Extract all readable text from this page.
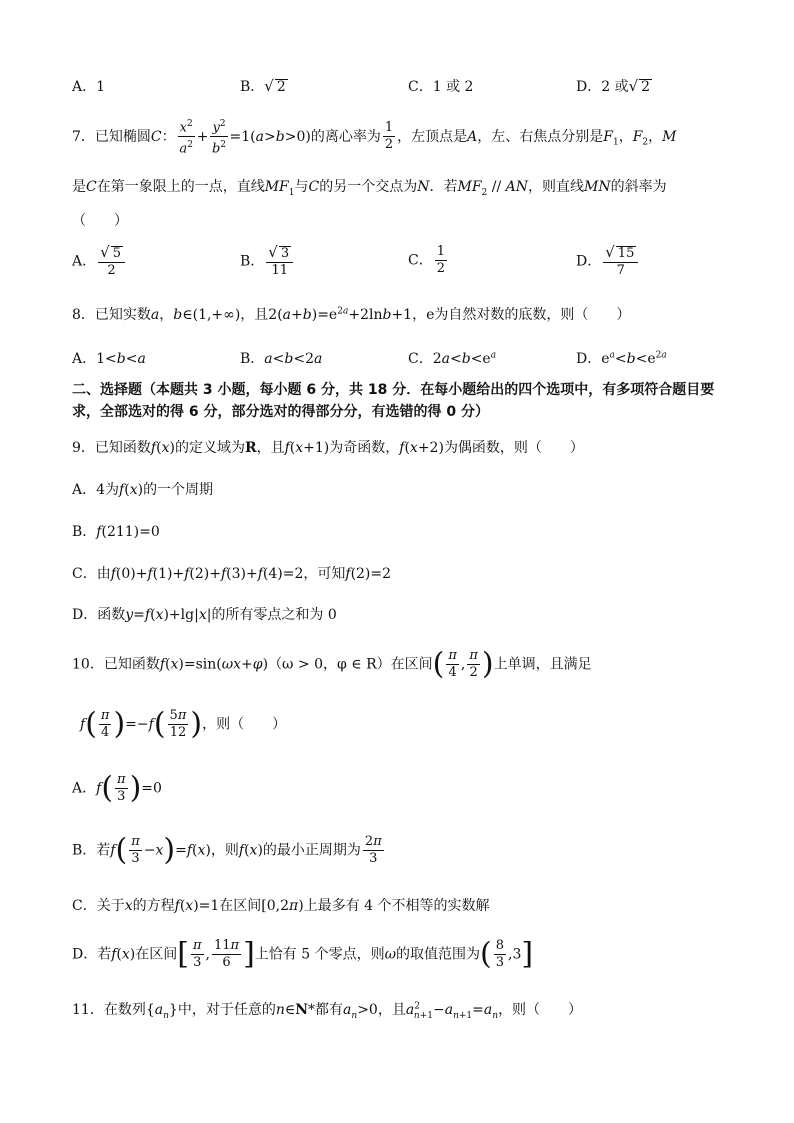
A．1	B．√ 2	C．1 或 2	D．2 或√ 2
7．已知椭圆C： $\frac{x^2}{a^2} + \frac{y^2}{b^2} =1(a>b>0)$的离心率为 $\frac{1}{2}$ ，左顶点是A，左、右焦点分别是$F_1$，$F_2$，M
是C在第一象限上的一点，直线$MF_1$与C的另一个交点为N．若$MF_2$ // AN，则直线MN的斜率为
（　　）
A． $\frac{√ 5}{2}$	B． $\frac{√ 3}{11}$	C． $\frac{1}{2}$	D． $\frac{√ 15}{7}$
8．已知实数a，b∈(1,+∞)，且$2(a+b)=e^{2a}+2\ln b+1$，e为自然对数的底数，则（　　）
A．1<b<a	B．a<b<2a	C．$2a<b<e^a$	D．$e^a<b<e^{2a}$
二、选择题（本题共 3 小题，每小题 6 分，共 18 分．在每小题给出的四个选项中，有多项符合题目要求，全部选对的得 6 分，部分选对的得部分分，有选错的得 0 分）
9．已知函数f(x)的定义域为R，且f(x+1)为奇函数，f(x+2)为偶函数，则（　　）
A．4为f(x)的一个周期
B．f(211)=0
C．由f(0)+f(1)+f(2)+f(3)+f(4)=2，可知f(2)=2
D．函数y=f(x)+lg|x|的所有零点之和为 0
10．已知函数f(x)=sin(ωx+φ)（ω > 0，φ ∈ R）在区间( $\frac{\pi}{4}$ , $\frac{\pi}{2}$ )上单调，且满足
$f( \frac{\pi}{4} )=-f( \frac{5\pi}{12}$ )，则（　　）
A．$f( \frac{\pi}{3} )=0$
B．若$f( \frac{\pi}{3} -x)=f(x)$，则f(x)的最小正周期为 $\frac{2\pi}{3}$
C．关于x的方程f(x)=1在区间[0,2π)上最多有 4 个不相等的实数解
D．若f(x)在区间[ $\frac{\pi}{3}$ , $\frac{11\pi}{6}$ ]上恰有 5 个零点，则ω的取值范围为( $\frac{8}{3} ,3$]
11．在数列$\{a_n\}$中，对于任意的n∈N*都有$a_n>0$，且$a^2_{n+1}-a_{n+1}=a_n$，则（　　）
